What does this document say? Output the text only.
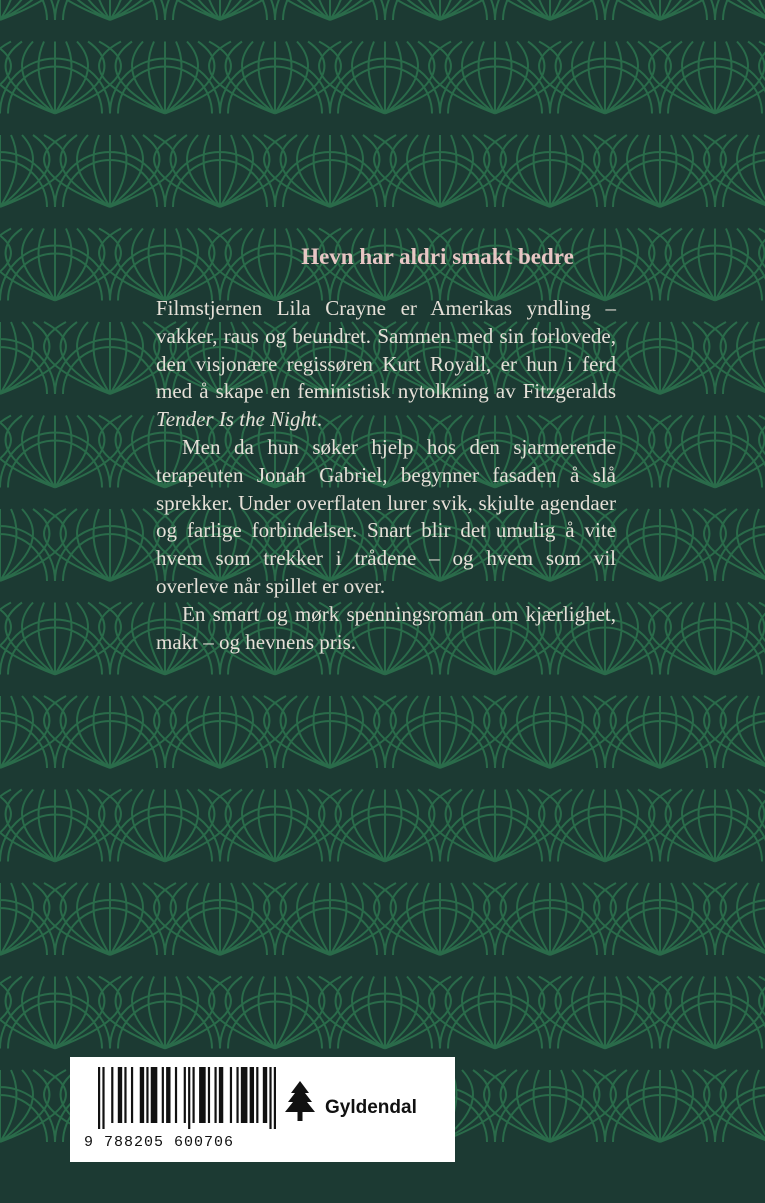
Hevn har aldri smakt bedre

Filmstjernen Lila Crayne er Amerikas yndling – vakker, raus og beundret. Sammen med sin forlovede, den visjonære regissøren Kurt Royall, er hun i ferd med å skape en feministisk nytolkning av Fitzgeralds Tender Is the Night.

Men da hun søker hjelp hos den sjarmerende terapeuten Jonah Gabriel, begynner fasaden å slå sprekker. Under overflaten lurer svik, skjulte agendaer og farlige forbindelser. Snart blir det umulig å vite hvem som trekker i trådene – og hvem som vil overleve når spillet er over.

En smart og mørk spenningsroman om kjærlighet, makt – og hevnens pris.

9 788205 600706
Gyldendal
